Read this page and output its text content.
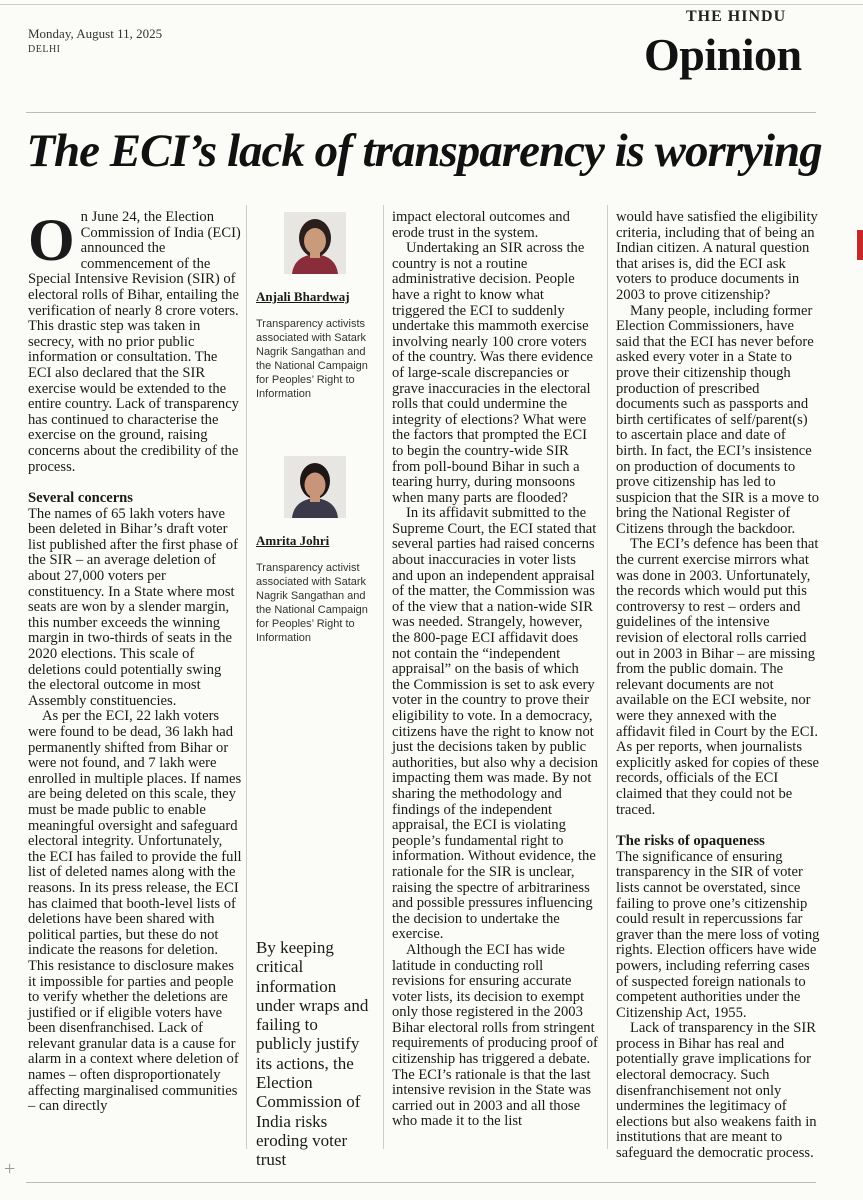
Monday, August 11, 2025
DELHI
THE HINDU
Opinion
The ECI’s lack of transparency is worrying

On June 24, the Election Commission of India (ECI) announced the commencement of the Special Intensive Revision (SIR) of electoral rolls of Bihar, entailing the verification of nearly 8 crore voters. This drastic step was taken in secrecy, with no prior public information or consultation. The ECI also declared that the SIR exercise would be extended to the entire country. Lack of transparency has continued to characterise the exercise on the ground, raising concerns about the credibility of the process.

Several concerns

The names of 65 lakh voters have been deleted in Bihar’s draft voter list published after the first phase of the SIR – an average deletion of about 27,000 voters per constituency. In a State where most seats are won by a slender margin, this number exceeds the winning margin in two-thirds of seats in the 2020 elections. This scale of deletions could potentially swing the electoral outcome in most Assembly constituencies.

As per the ECI, 22 lakh voters were found to be dead, 36 lakh had permanently shifted from Bihar or were not found, and 7 lakh were enrolled in multiple places. If names are being deleted on this scale, they must be made public to enable meaningful oversight and safeguard electoral integrity. Unfortunately, the ECI has failed to provide the full list of deleted names along with the reasons. In its press release, the ECI has claimed that booth-level lists of deletions have been shared with political parties, but these do not indicate the reasons for deletion. This resistance to disclosure makes it impossible for parties and people to verify whether the deletions are justified or if eligible voters have been disenfranchised. Lack of relevant granular data is a cause for alarm in a context where deletion of names – often disproportionately affecting marginalised communities – can directly

Anjali Bhardwaj
Transparency activists associated with Satark Nagrik Sangathan and the National Campaign for Peoples’ Right to Information
Amrita Johri
Transparency activist associated with Satark Nagrik Sangathan and the National Campaign for Peoples’ Right to Information
By keeping critical information under wraps and failing to publicly justify its actions, the Election Commission of India risks eroding voter trust

impact electoral outcomes and erode trust in the system.

Undertaking an SIR across the country is not a routine administrative decision. People have a right to know what triggered the ECI to suddenly undertake this mammoth exercise involving nearly 100 crore voters of the country. Was there evidence of large-scale discrepancies or grave inaccuracies in the electoral rolls that could undermine the integrity of elections? What were the factors that prompted the ECI to begin the country-wide SIR from poll-bound Bihar in such a tearing hurry, during monsoons when many parts are flooded?

In its affidavit submitted to the Supreme Court, the ECI stated that several parties had raised concerns about inaccuracies in voter lists and upon an independent appraisal of the matter, the Commission was of the view that a nation-wide SIR was needed. Strangely, however, the 800-page ECI affidavit does not contain the “independent appraisal” on the basis of which the Commission is set to ask every voter in the country to prove their eligibility to vote. In a democracy, citizens have the right to know not just the decisions taken by public authorities, but also why a decision impacting them was made. By not sharing the methodology and findings of the independent appraisal, the ECI is violating people’s fundamental right to information. Without evidence, the rationale for the SIR is unclear, raising the spectre of arbitrariness and possible pressures influencing the decision to undertake the exercise.

Although the ECI has wide latitude in conducting roll revisions for ensuring accurate voter lists, its decision to exempt only those registered in the 2003 Bihar electoral rolls from stringent requirements of producing proof of citizenship has triggered a debate. The ECI’s rationale is that the last intensive revision in the State was carried out in 2003 and all those who made it to the list

would have satisfied the eligibility criteria, including that of being an Indian citizen. A natural question that arises is, did the ECI ask voters to produce documents in 2003 to prove citizenship?

Many people, including former Election Commissioners, have said that the ECI has never before asked every voter in a State to prove their citizenship though production of prescribed documents such as passports and birth certificates of self/parent(s) to ascertain place and date of birth. In fact, the ECI’s insistence on production of documents to prove citizenship has led to suspicion that the SIR is a move to bring the National Register of Citizens through the backdoor.

The ECI’s defence has been that the current exercise mirrors what was done in 2003. Unfortunately, the records which would put this controversy to rest – orders and guidelines of the intensive revision of electoral rolls carried out in 2003 in Bihar – are missing from the public domain. The relevant documents are not available on the ECI website, nor were they annexed with the affidavit filed in Court by the ECI. As per reports, when journalists explicitly asked for copies of these records, officials of the ECI claimed that they could not be traced.

The risks of opaqueness

The significance of ensuring transparency in the SIR of voter lists cannot be overstated, since failing to prove one’s citizenship could result in repercussions far graver than the mere loss of voting rights. Election officers have wide powers, including referring cases of suspected foreign nationals to competent authorities under the Citizenship Act, 1955.

Lack of transparency in the SIR process in Bihar has real and potentially grave implications for electoral democracy. Such disenfranchisement not only undermines the legitimacy of elections but also weakens faith in institutions that are meant to safeguard the democratic process.

+
